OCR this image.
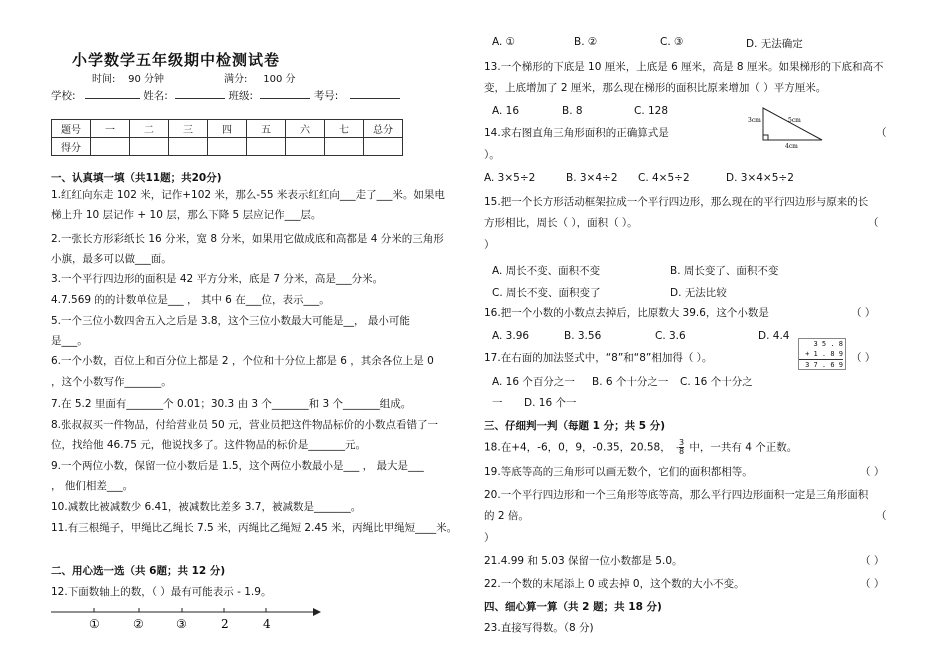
小学数学五年级期中检测试卷
时间: 90 分钟	满分: 100 分
学校:	姓名:	班级:	考号:
题号	一	二	三	四	五	六	七	总分
得分								
一、认真填一填（共11题；共20分)
1.红红向东走 102 米，记作+102 米，那么-55 米表示红红向___走了___米。如果电
梯上升 10 层记作 + 10 层，那么下降 5 层应记作___层。
2.一张长方形彩纸长 16 分米，宽 8 分米，如果用它做成底和高都是 4 分米的三角形
小旗，最多可以做___面。
3.一个平行四边形的面积是 42 平方分米，底是 7 分米，高是___分米。
4.7.569 的的计数单位是___ ， 其中 6 在___位，表示___。
5.一个三位小数四舍五入之后是 3.8，这个三位小数最大可能是__， 最小可能
是___。
6.一个小数，百位上和百分位上都是 2 ，个位和十分位上都是 6 ，其余各位上是 0
，这个小数写作_______。
7.在 5.2 里面有_______个 0.01；30.3 由 3 个_______和 3 个_______组成。
8.张叔叔买一件物品，付给营业员 50 元，营业员把这件物品标价的小数点看错了一
位，找给他 46.75 元，他说找多了。这件物品的标价是_______元。
9.一个两位小数，保留一位小数后是 1.5，这个两位小数最小是___ ， 最大是___
， 他们相差___。
10.减数比被减数少 6.41，被减数比差多 3.7，被减数是_______。
11.有三根绳子，甲绳比乙绳长 7.5 米，丙绳比乙绳短 2.45 米，丙绳比甲绳短____米。
二、用心选一选（共 6题；共 12 分)
12.下面数轴上的数，（ ）最有可能表示 - 1.9。
①	②	③	2	4
A. ①	B. ②	C. ③	D. 无法确定
13.一个梯形的下底是 10 厘米，上底是 6 厘米，高是 8 厘米。如果梯形的下底和高不
变，上底增加了 2 厘米，那么现在梯形的面积比原来增加（ ）平方厘米。
A. 16	B. 8	C. 128
3cm	5cm
4cm
14.求右图直角三角形面积的正确算式是	（
）。
A. 3×5÷2	B. 3×4÷2 C. 4×5÷2	D. 3×4×5÷2
15.把一个长方形活动框架拉成一个平行四边形，那么现在的平行四边形与原来的长
方形相比，周长（ ），面积（ ）。	（
）
A. 周长不变、面积不变	B. 周长变了、面积不变
C. 周长不变、面积变了	D. 无法比较
16.把一个小数的小数点去掉后，比原数大 39.6，这个小数是	（ ）
A. 3.96	B. 3.56	C. 3.6	D. 4.4
17.在右面的加法竖式中，“8”和“8”相加得（ ）。	（ ）
3 5 . 8
+ 1 . 8 9
3 7 . 6 9
A. 16 个百分之一 B. 6 个十分之一 C. 16 个十分之
一 D. 16 个一
三、仔细判一判（每题 1 分；共 5 分)
18.在+4，-6，0，9，-0.35，20.58， - $\frac{3}{8}$ 中，一共有 4 个正数。
19.等底等高的三角形可以画无数个，它们的面积都相等。	（ ）
20.一个平行四边形和一个三角形等底等高，那么平行四边形面积一定是三角形面积
的 2 倍。	（
）
21.4.99 和 5.03 保留一位小数都是 5.0。	（ ）
22.一个数的末尾添上 0 或去掉 0，这个数的大小不变。	（ ）
四、细心算一算（共 2 题；共 18 分)
23.直接写得数。（8 分)
